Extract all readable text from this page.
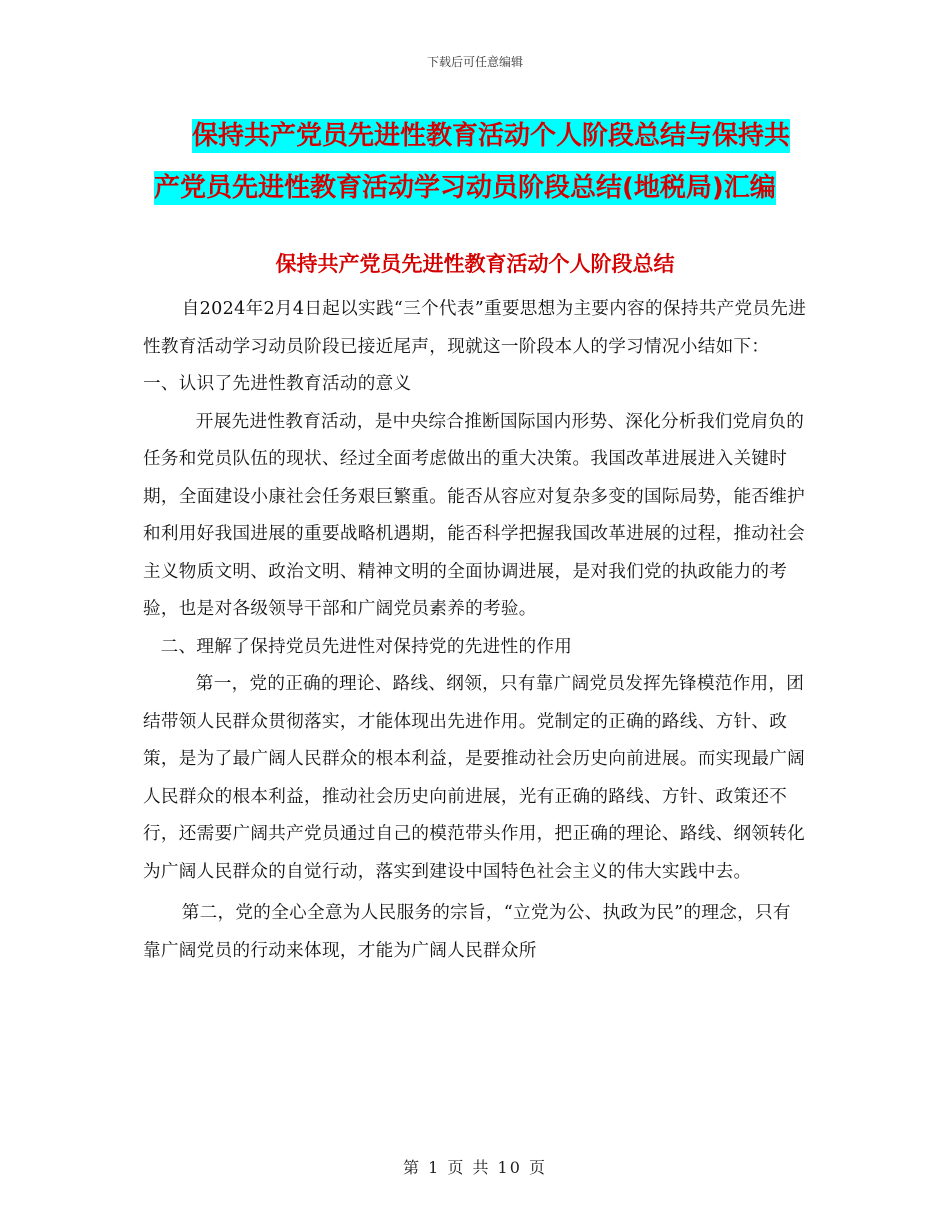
下载后可任意编辑
保持共产党员先进性教育活动个人阶段总结与保持共
产党员先进性教育活动学习动员阶段总结(地税局)汇编
保持共产党员先进性教育活动个人阶段总结

自2024年2月4日起以实践“三个代表”重要思想为主要内容的保持共产党员先进性教育活动学习动员阶段已接近尾声，现就这一阶段本人的学习情况小结如下：

一、认识了先进性教育活动的意义

开展先进性教育活动，是中央综合推断国际国内形势、深化分析我们党肩负的任务和党员队伍的现状、经过全面考虑做出的重大决策。我国改革进展进入关键时期，全面建设小康社会任务艰巨繁重。能否从容应对复杂多变的国际局势，能否维护和利用好我国进展的重要战略机遇期，能否科学把握我国改革进展的过程，推动社会主义物质文明、政治文明、精神文明的全面协调进展，是对我们党的执政能力的考验，也是对各级领导干部和广阔党员素养的考验。

二、理解了保持党员先进性对保持党的先进性的作用

第一，党的正确的理论、路线、纲领，只有靠广阔党员发挥先锋模范作用，团结带领人民群众贯彻落实，才能体现出先进作用。党制定的正确的路线、方针、政策，是为了最广阔人民群众的根本利益，是要推动社会历史向前进展。而实现最广阔人民群众的根本利益，推动社会历史向前进展，光有正确的路线、方针、政策还不行，还需要广阔共产党员通过自己的模范带头作用，把正确的理论、路线、纲领转化为广阔人民群众的自觉行动，落实到建设中国特色社会主义的伟大实践中去。

第二，党的全心全意为人民服务的宗旨，“立党为公、执政为民”的理念，只有靠广阔党员的行动来体现，才能为广阔人民群众所

第 1 页 共 10 页
